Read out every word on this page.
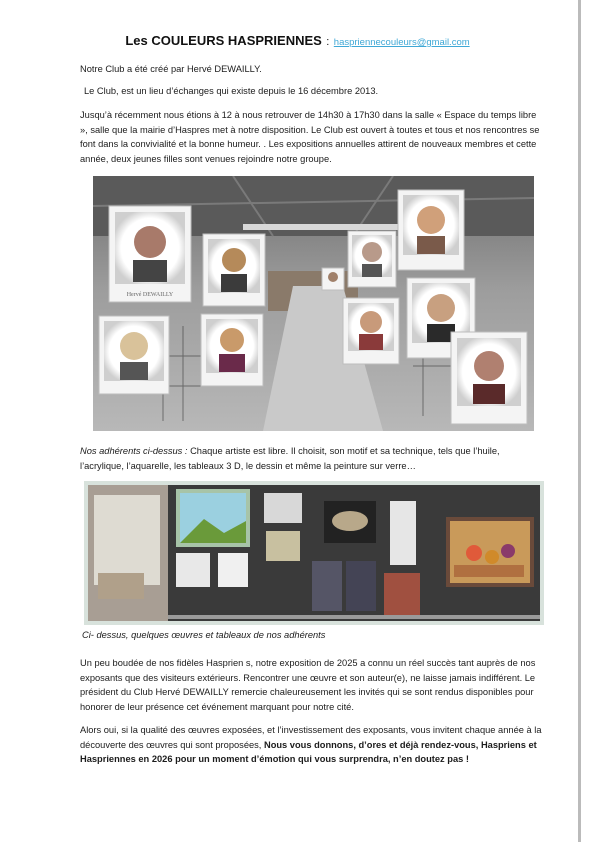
Les COULEURS HASPRIENNES : haspriennecouleurs@gmail.com

Notre Club a été créé par Hervé DEWAILLY.

Le Club, est un lieu d’échanges qui existe depuis le 16 décembre 2013.

Jusqu’à récemment nous étions à 12 à nous retrouver de 14h30 à 17h30 dans la salle « Espace du temps libre », salle que la mairie d’Haspres met à notre disposition. Le Club est ouvert à toutes et tous et nos rencontres se font dans la convivialité et la bonne humeur. . Les expositions annuelles attirent de nouveaux membres et cette année, deux jeunes filles sont venues rejoindre notre groupe.

Hervé DEWAILLY

Nos adhérents ci-dessus : Chaque artiste est libre. Il choisit, son motif et sa technique, tels que l’huile, l’acrylique, l’aquarelle, les tableaux 3 D, le dessin et même la peinture sur verre…

Ci- dessus, quelques œuvres et tableaux de nos adhérents

Un peu boudée de nos fidèles Hasprien s, notre exposition de 2025 a connu un réel succès tant auprès de nos exposants que des visiteurs extérieurs. Rencontrer une œuvre et son auteur(e), ne laisse jamais indifférent. Le président du Club Hervé DEWAILLY remercie chaleureusement les invités qui se sont rendus disponibles pour honorer de leur présence cet événement marquant pour notre cité.

Alors oui, si la qualité des œuvres exposées, et l’investissement des exposants, vous invitent chaque année à la découverte des œuvres qui sont proposées, Nous vous donnons, d’ores et déjà rendez-vous, Haspriens et Haspriennes en 2026 pour un moment d’émotion qui vous surprendra, n’en doutez pas !
